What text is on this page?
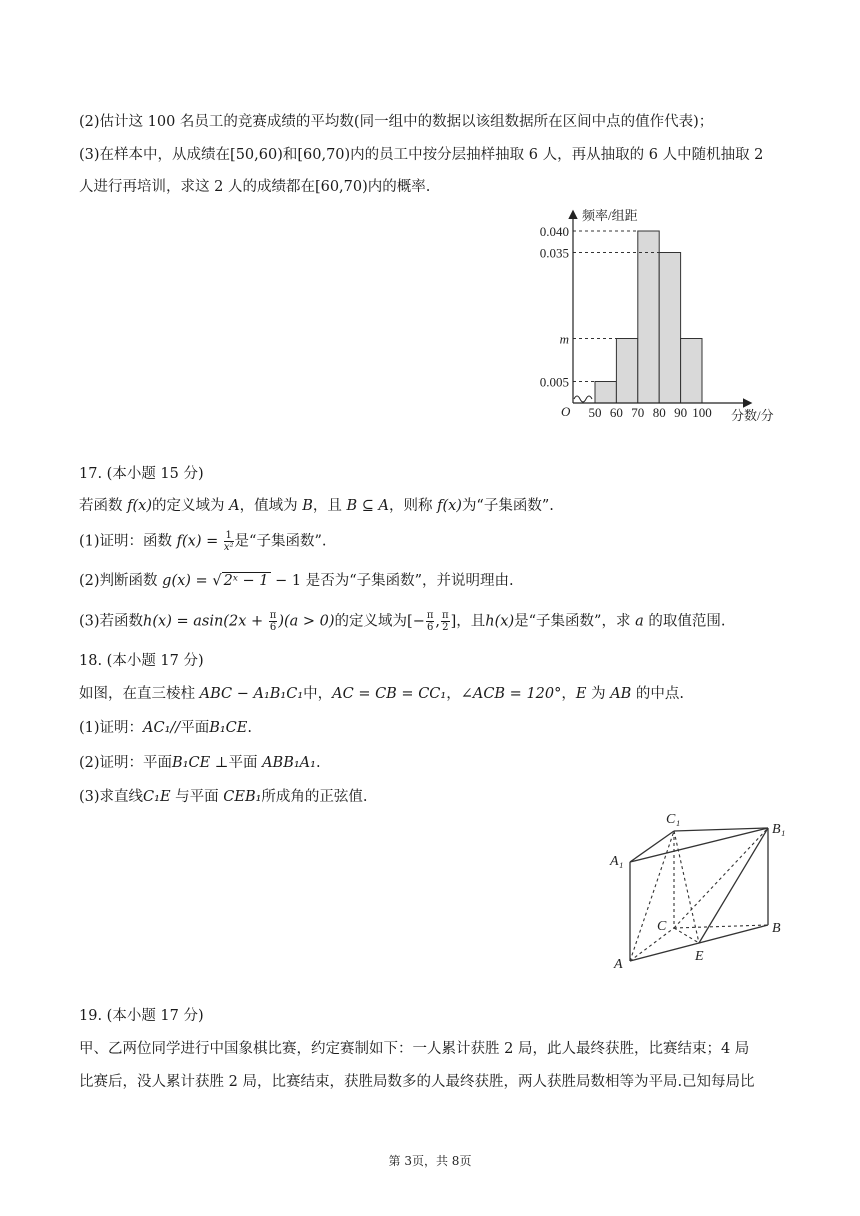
(2)估计这 100 名员工的竞赛成绩的平均数(同一组中的数据以该组数据所在区间中点的值作代表)；
(3)在样本中，从成绩在[50,60)和[60,70)内的员工中按分层抽样抽取 6 人，再从抽取的 6 人中随机抽取 2
人进行再培训，求这 2 人的成绩都在[60,70)内的概率.
频率/组距
分数/分
O 50 60 70 80 90 100
0.040
0.035
m
0.005
17. (本小题 15 分)
若函数 f(x)的定义域为 A，值域为 B，且 B ⊆ A，则称 f(x)为“子集函数”.
(1)证明：函数 $f(x) = \frac{1}{\text{x²}}$ 是“子集函数”.
(2)判断函数 g(x) = √ 2ˣ − 1 − 1 是否为“子集函数”，并说明理由.
(3)若函数$h(x) = asin(2x + \frac{\pi}{6} )(a > 0)$的定义域为[− $\frac{\pi}{6}$ , $\frac{\pi}{2}$ ]，且h(x)是“子集函数”，求 a 的取值范围.
18. (本小题 17 分)
如图，在直三棱柱 ABC − A₁B₁C₁中，AC = CB = CC₁，∠ACB = 120°，E 为 AB 的中点.
(1)证明：AC₁//平面B₁CE.
(2)证明：平面B₁CE ⊥平面 ABB₁A₁.
(3)求直线C₁E 与平面 CEB₁所成角的正弦值.
C₁
B₁
A₁
C	B
A
E
19. (本小题 17 分)
甲、乙两位同学进行中国象棋比赛，约定赛制如下：一人累计获胜 2 局，此人最终获胜，比赛结束；4 局
比赛后，没人累计获胜 2 局，比赛结束，获胜局数多的人最终获胜，两人获胜局数相等为平局.已知每局比
第 3页，共 8页
